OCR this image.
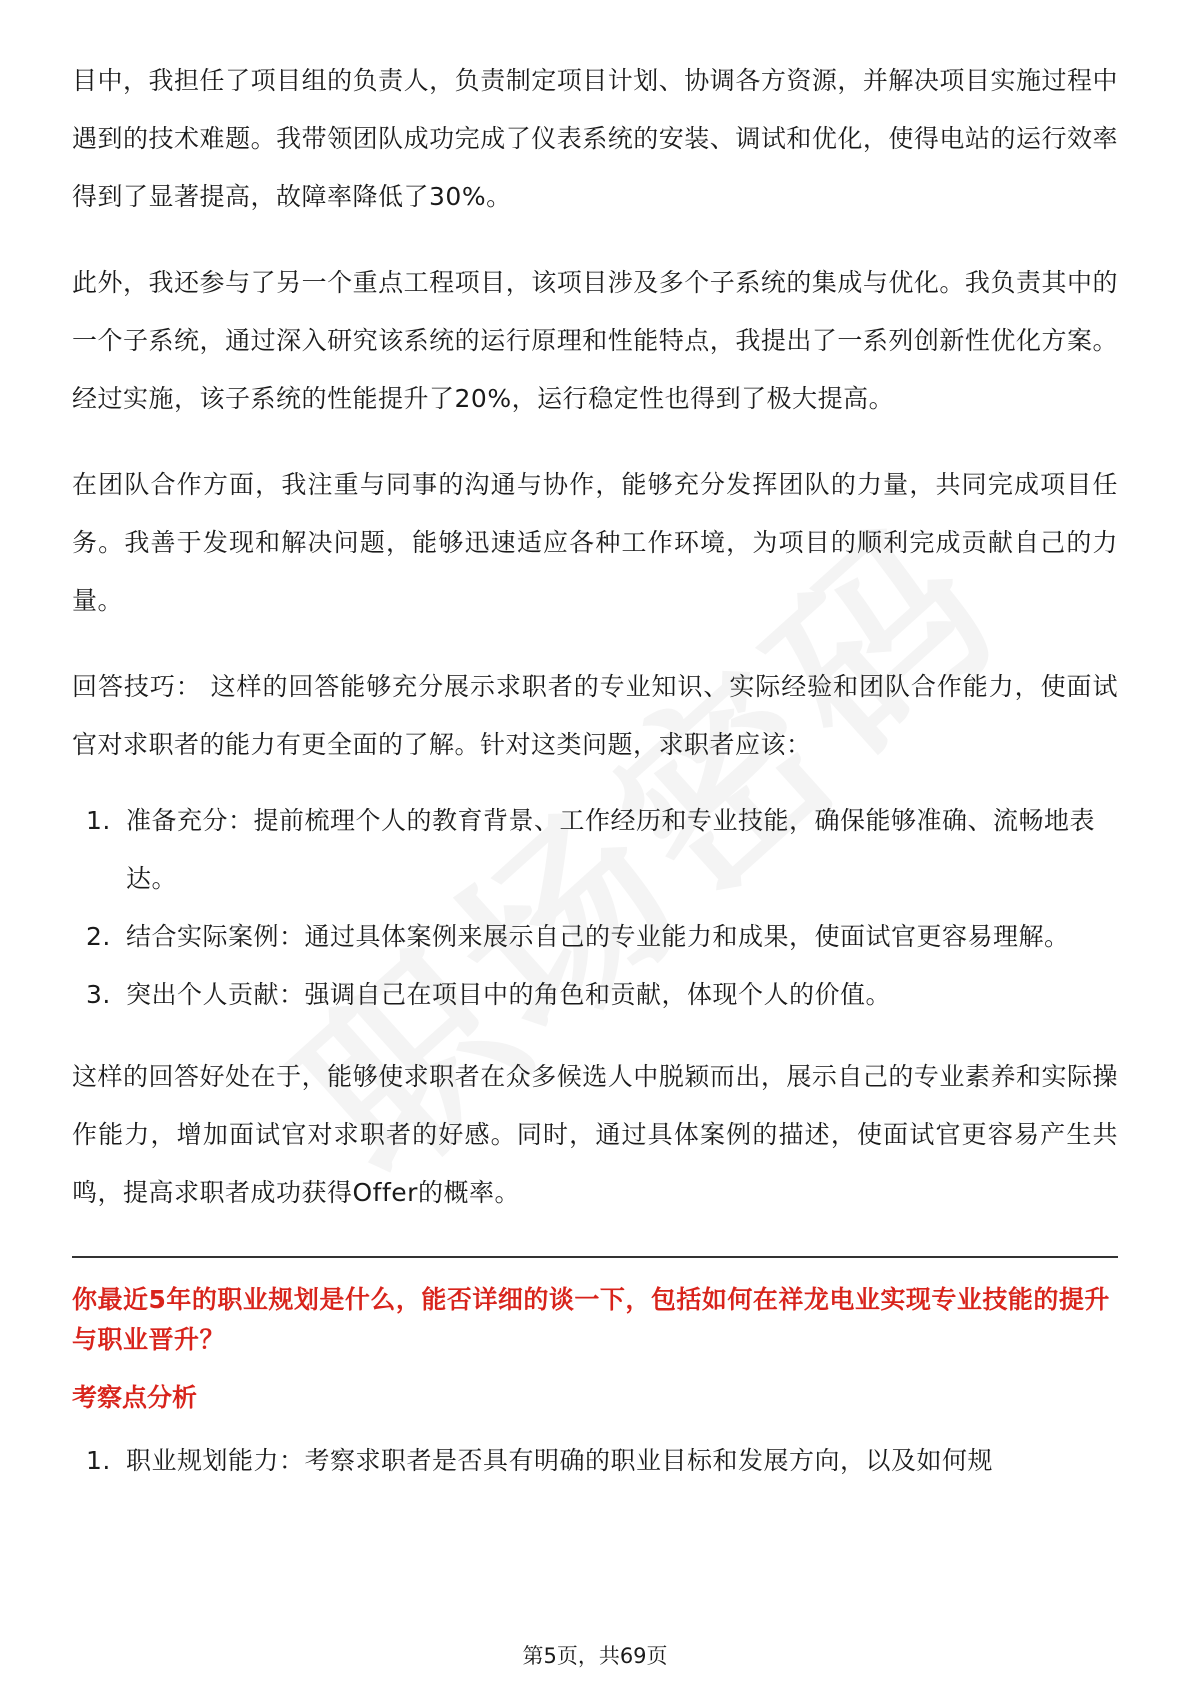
目中，我担任了项目组的负责人，负责制定项目计划、协调各方资源，并解决项目实施过程中遇到的技术难题。我带领团队成功完成了仪表系统的安装、调试和优化，使得电站的运行效率得到了显著提高，故障率降低了30%。

此外，我还参与了另一个重点工程项目，该项目涉及多个子系统的集成与优化。我负责其中的一个子系统，通过深入研究该系统的运行原理和性能特点，我提出了一系列创新性优化方案。经过实施，该子系统的性能提升了20%，运行稳定性也得到了极大提高。

在团队合作方面，我注重与同事的沟通与协作，能够充分发挥团队的力量，共同完成项目任务。我善于发现和解决问题，能够迅速适应各种工作环境，为项目的顺利完成贡献自己的力量。

回答技巧： 这样的回答能够充分展示求职者的专业知识、实际经验和团队合作能力，使面试官对求职者的能力有更全面的了解。针对这类问题，求职者应该：

1. 准备充分：提前梳理个人的教育背景、工作经历和专业技能，确保能够准确、流畅地表达。
2. 结合实际案例：通过具体案例来展示自己的专业能力和成果，使面试官更容易理解。
3. 突出个人贡献：强调自己在项目中的角色和贡献，体现个人的价值。

这样的回答好处在于，能够使求职者在众多候选人中脱颖而出，展示自己的专业素养和实际操作能力，增加面试官对求职者的好感。同时，通过具体案例的描述，使面试官更容易产生共鸣，提高求职者成功获得Offer的概率。

你最近5年的职业规划是什么，能否详细的谈一下，包括如何在祥龙电业实现专业技能的提升与职业晋升？
考察点分析
1. 职业规划能力：考察求职者是否具有明确的职业目标和发展方向，以及如何规
第5页，共69页
